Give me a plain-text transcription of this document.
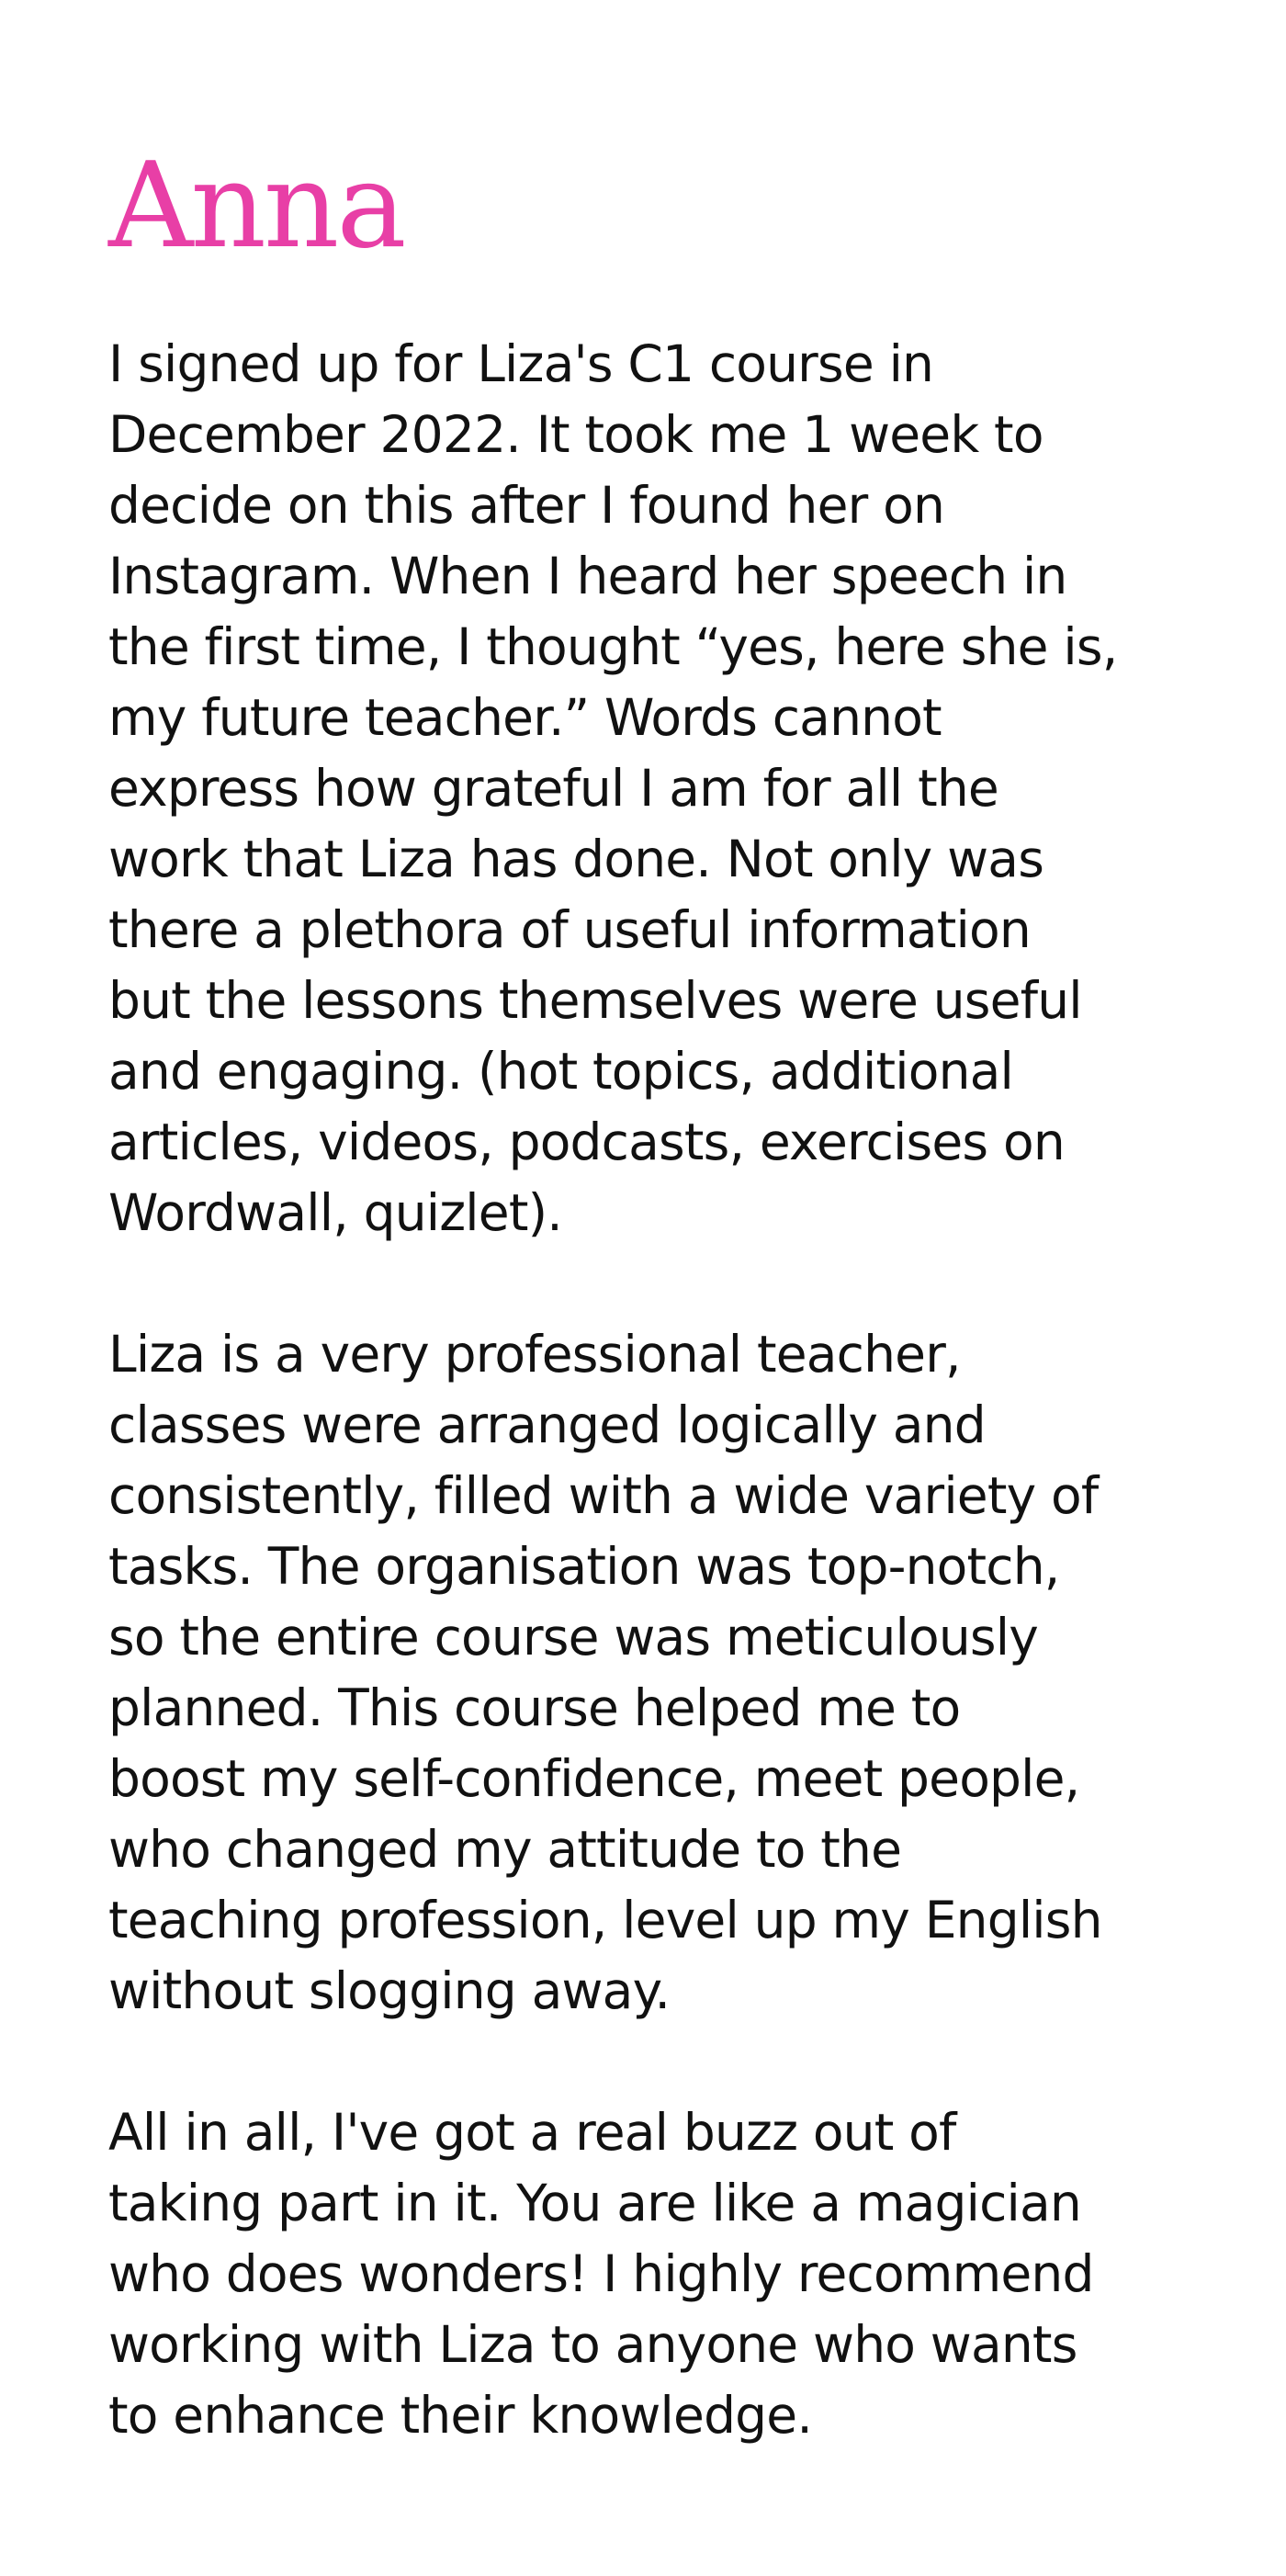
Anna

I signed up for Liza's C1 course in
December 2022. It took me 1 week to
decide on this after I found her on
Instagram. When I heard her speech in
the first time, I thought “yes, here she is,
my future teacher.” Words cannot
express how grateful I am for all the
work that Liza has done. Not only was
there a plethora of useful information
but the lessons themselves were useful
and engaging. (hot topics, additional
articles, videos, podcasts, exercises on
Wordwall, quizlet).

Liza is a very professional teacher,
classes were arranged logically and
consistently, filled with a wide variety of
tasks. The organisation was top-notch,
so the entire course was meticulously
planned. This course helped me to
boost my self-confidence, meet people,
who changed my attitude to the
teaching profession, level up my English
without slogging away.

All in all, I've got a real buzz out of
taking part in it. You are like a magician
who does wonders! I highly recommend
working with Liza to anyone who wants
to enhance their knowledge.
